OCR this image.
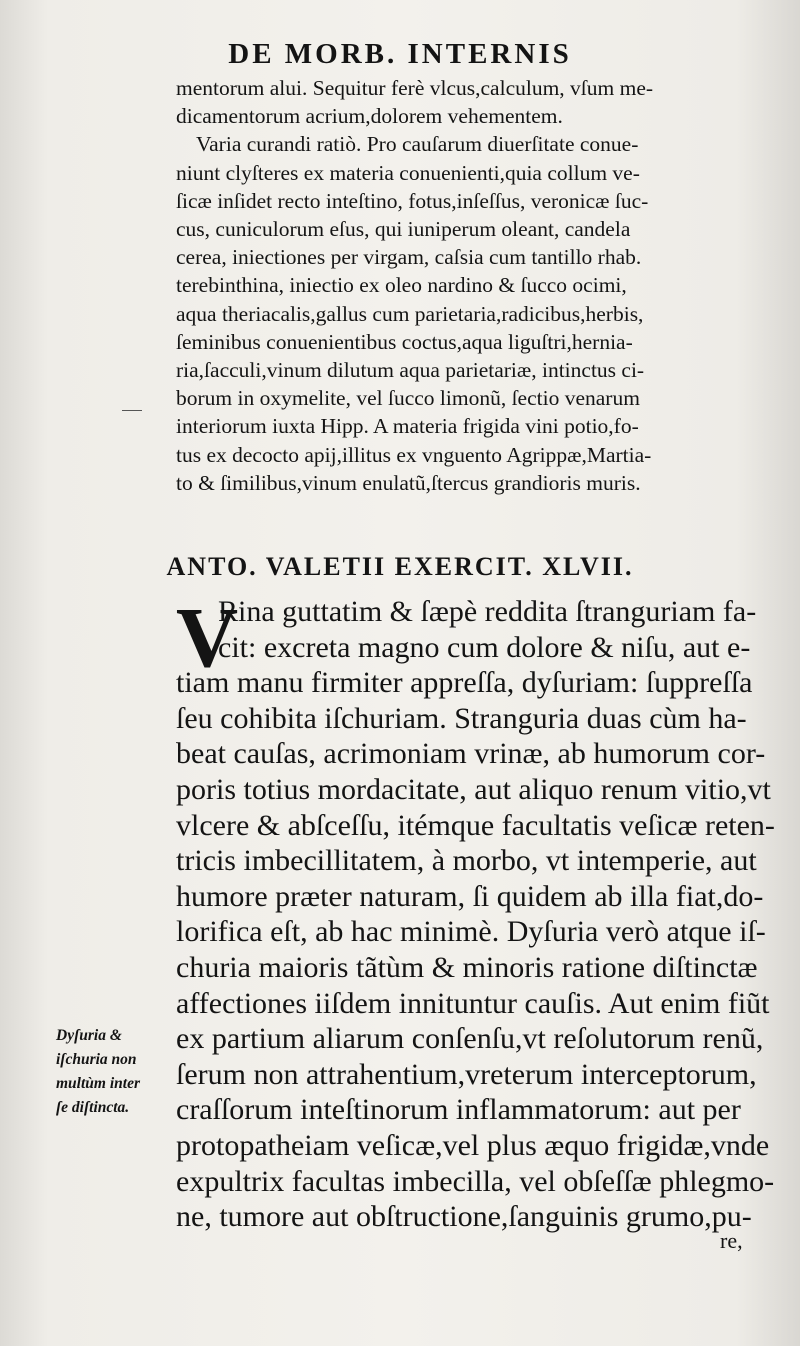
DE MORB. INTERNIS
mentorum alui. Sequitur ferè vlcus,calculum, vſum me-
dicamentorum acrium,dolorem vehementem.
Varia curandi ratiò. Pro cauſarum diuerſitate conue-
niunt clyſteres ex materia conuenienti,quia collum ve-
ſicæ inſidet recto inteſtino, fotus,inſeſſus, veronicæ ſuc-
cus, cuniculorum eſus, qui iuniperum oleant, candela
cerea, iniectiones per virgam, caſsia cum tantillo rhab.
terebinthina, iniectio ex oleo nardino & ſucco ocimi,
aqua theriacalis,gallus cum parietaria,radicibus,herbis,
ſeminibus conuenientibus coctus,aqua liguſtri,hernia-
ria,ſacculi,vinum dilutum aqua parietariæ, intinctus ci-
borum in oxymelite, vel ſucco limonũ, ſectio venarum
interiorum iuxta Hipp. A materia frigida vini potio,fo-
tus ex decocto apij,illitus ex vnguento Agrippæ,Martia-
to & ſimilibus,vinum enulatũ,ſtercus grandioris muris.
ANTO. VALETII EXERCIT. XLVII.
V
Rina guttatim & ſæpè reddita ſtranguriam fa-
cit: excreta magno cum dolore & niſu, aut e-
tiam manu firmiter appreſſa, dyſuriam: ſuppreſſa
ſeu cohibita iſchuriam. Stranguria duas cùm ha-
beat cauſas, acrimoniam vrinæ, ab humorum cor-
poris totius mordacitate, aut aliquo renum vitio,vt
vlcere & abſceſſu, itémque facultatis veſicæ reten-
tricis imbecillitatem, à morbo, vt intemperie, aut
humore præter naturam, ſi quidem ab illa fiat,do-
lorifica eſt, ab hac minimè. Dyſuria verò atque iſ-
churia maioris tãtùm & minoris ratione diſtinctæ
affectiones iiſdem innituntur cauſis. Aut enim fiũt
ex partium aliarum conſenſu,vt reſolutorum renũ,
ſerum non attrahentium,vreterum interceptorum,
craſſorum inteſtinorum inflammatorum: aut per
protopatheiam veſicæ,vel plus æquo frigidæ,vnde
expultrix facultas imbecilla, vel obſeſſæ phlegmo-
ne, tumore aut obſtructione,ſanguinis grumo,pu-
Dyſuria &
iſchuria non
multùm inter
ſe diſtincta.
re,
